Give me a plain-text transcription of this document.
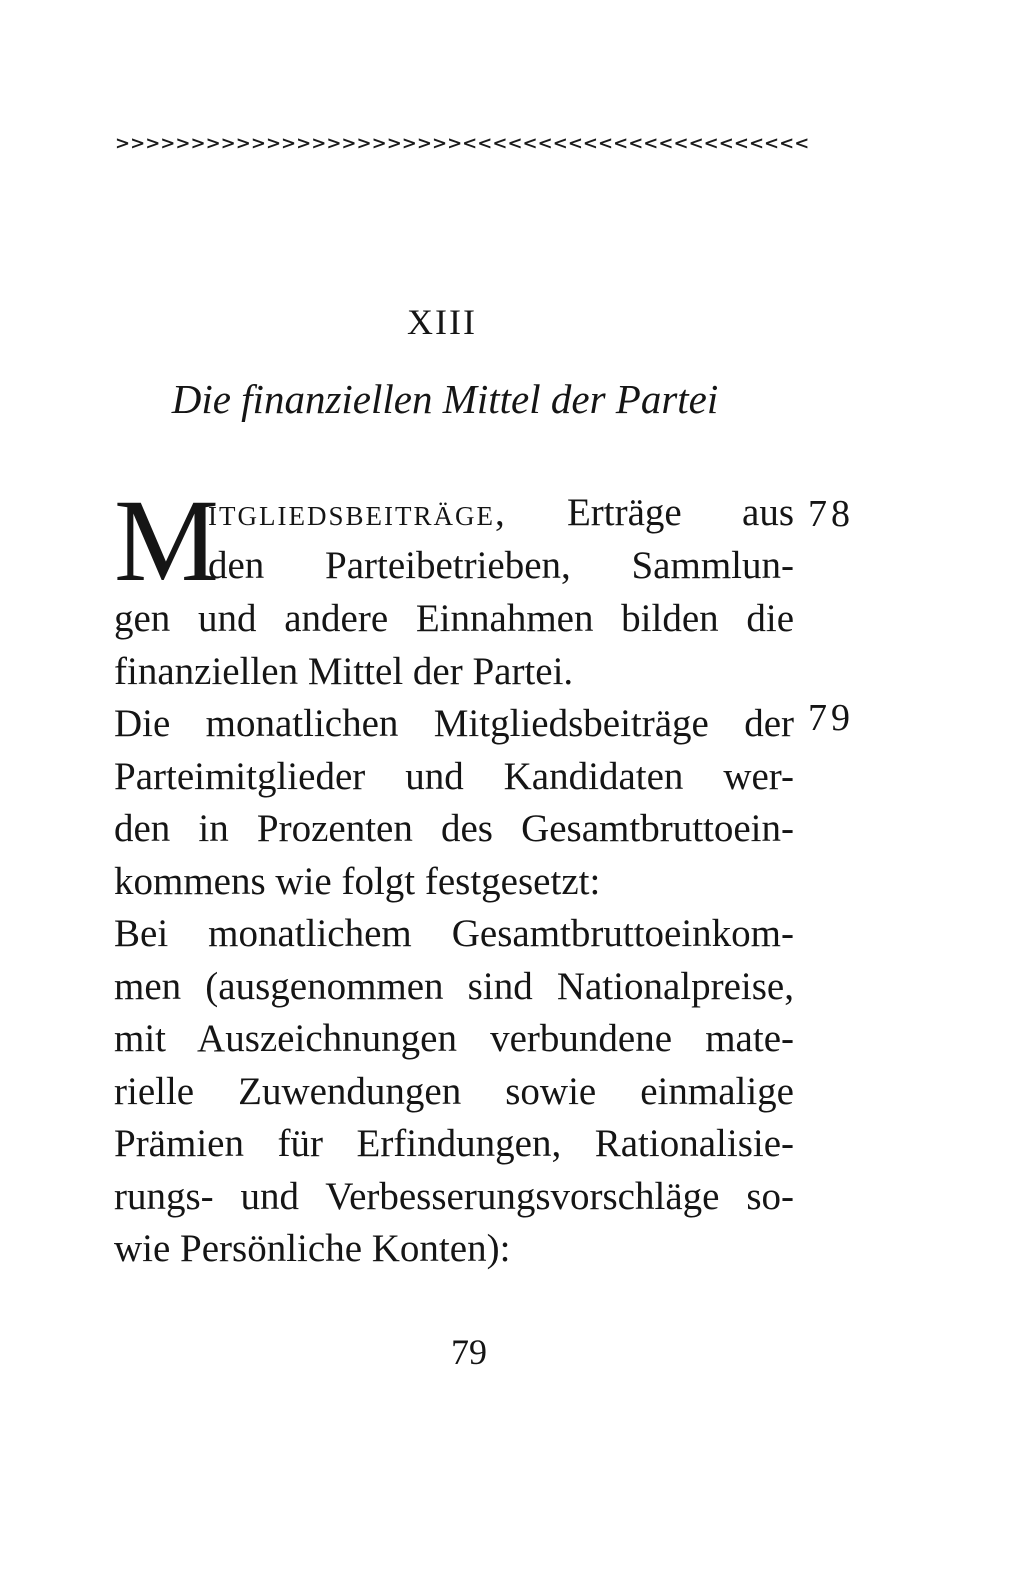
> > > > > > > > > > > > > > > > > > > > > > > < < < < < < < < < < < < < < < < < < < < < < <
XIII
Die finanziellen Mittel der Partei
M
itgliedsbeiträge, Erträge aus
den Parteibetrieben, Sammlun-
gen und andere Einnahmen bilden die
finanziellen Mittel der Partei.
Die monatlichen Mitgliedsbeiträge der
Parteimitglieder und Kandidaten wer-
den in Prozenten des Gesamtbruttoein-
kommens wie folgt festgesetzt:
Bei monatlichem Gesamtbruttoeinkom-
men (ausgenommen sind Nationalpreise,
mit Auszeichnungen verbundene mate-
rielle Zuwendungen sowie einmalige
Prämien für Erfindungen, Rationalisie-
rungs- und Verbesserungsvorschläge so-
wie Persönliche Konten):
78
79
79
